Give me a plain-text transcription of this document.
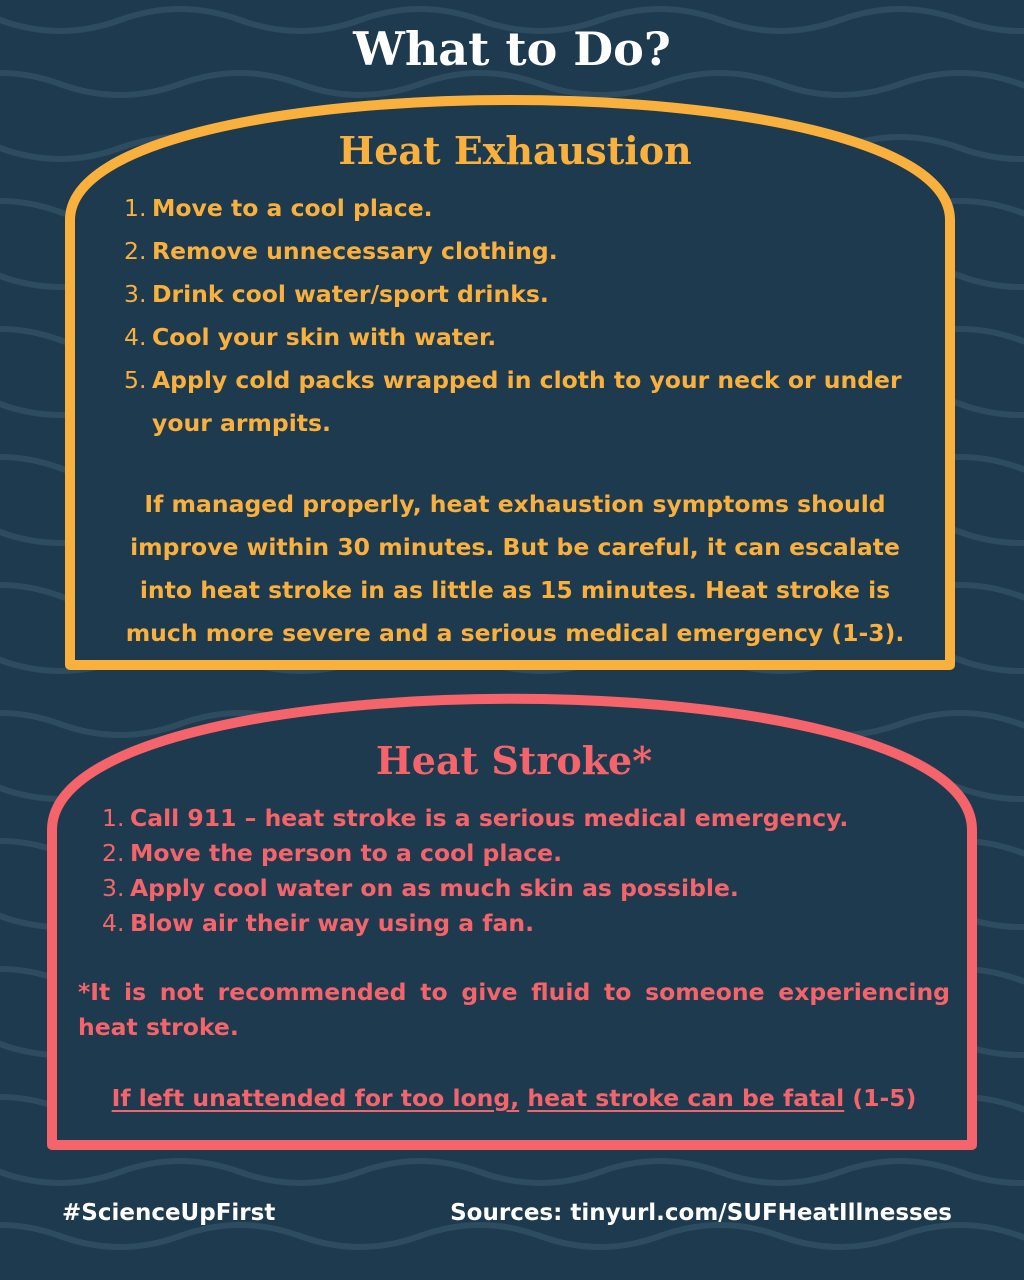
What to Do?
Heat Exhaustion
1. Move to a cool place.
2. Remove unnecessary clothing.
3. Drink cool water/sport drinks.
4. Cool your skin with water.
5. Apply cold packs wrapped in cloth to your neck or under your armpits.

If managed properly, heat exhaustion symptoms should improve within 30 minutes. But be careful, it can escalate into heat stroke in as little as 15 minutes. Heat stroke is much more severe and a serious medical emergency (1-3).

Heat Stroke*
1. Call 911 – heat stroke is a serious medical emergency.
2. Move the person to a cool place.
3. Apply cool water on as much skin as possible.
4. Blow air their way using a fan.

*It is not recommended to give fluid to someone experiencing heat stroke.

If left unattended for too long, heat stroke can be fatal (1-5)

#ScienceUpFirst	Sources: tinyurl.com/SUFHeatIllnesses
